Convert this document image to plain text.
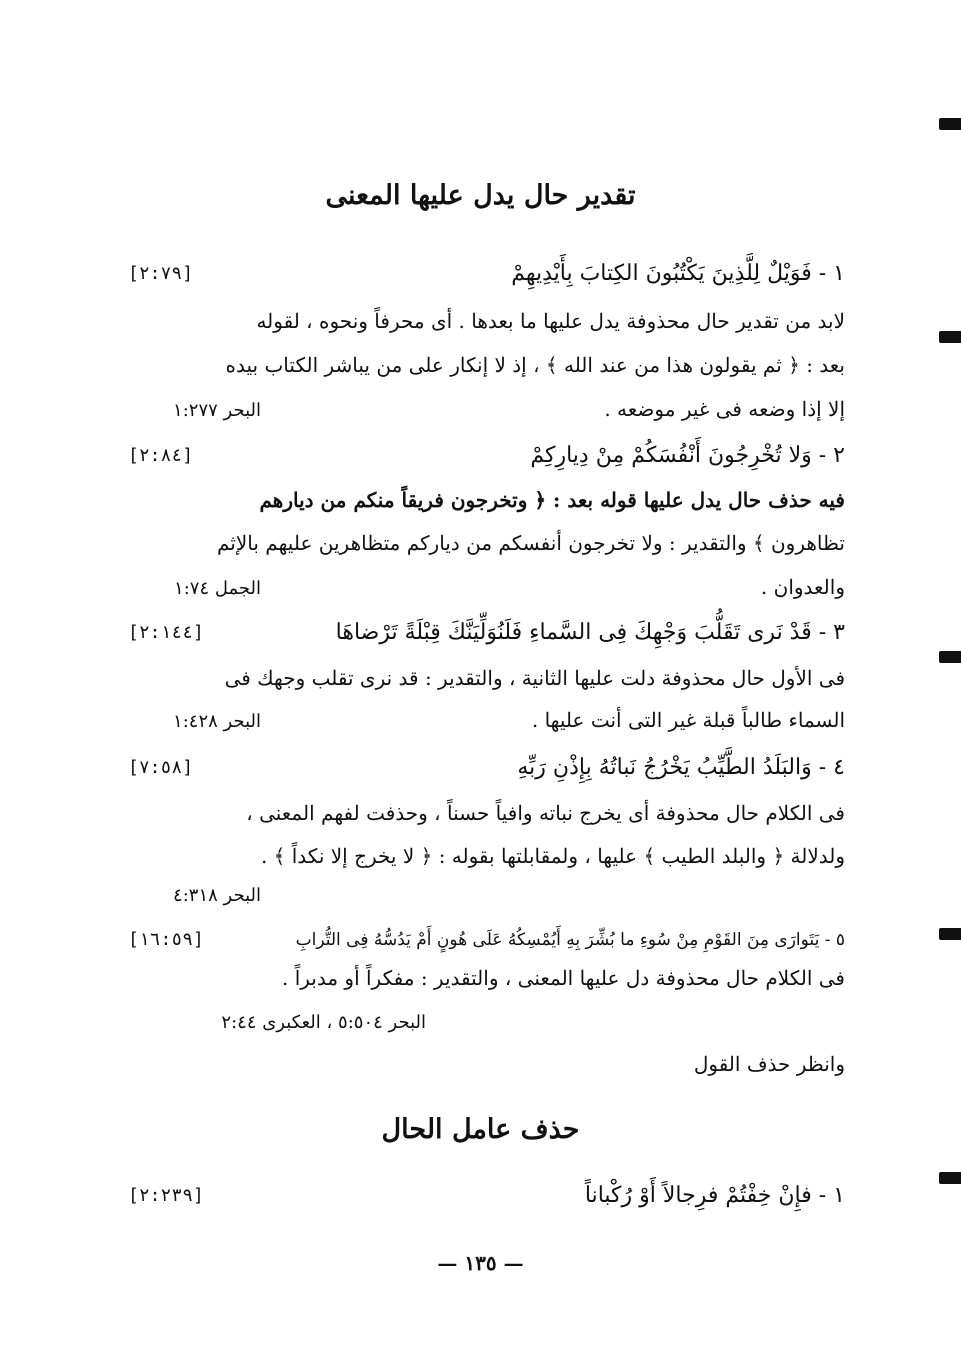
تقدير حال يدل عليها المعنى
١ - فَوَيْلٌ لِلَّذِينَ يَكْتُبُونَ الكِتابَ بِأَيْدِيهِمْ
[٢:٧٩]
لابد من تقدير حال محذوفة يدل عليها ما بعدها . أى محرفاً ونحوه ، لقوله
بعد : ﴿ ثم يقولون هذا من عند الله ﴾ ، إذ لا إنكار على من يباشر الكتاب بيده
إلا إذا وضعه فى غير موضعه .
البحر ١:٢٧٧
٢ - وَلا تُخْرِجُونَ أَنْفُسَكُمْ مِنْ دِيارِكِمْ
[٢:٨٤]
فيه حذف حال يدل عليها قوله بعد : ﴿ وتخرجون فريقاً منكم من ديارهم
تظاهرون ﴾ والتقدير : ولا تخرجون أنفسكم من دياركم متظاهرين عليهم بالإثم
والعدوان .
الجمل ١:٧٤
٣ - قَدْ نَرى تَقَلُّبَ وَجْهِكَ فِى السَّماءِ فَلَنُوَلِّيَنَّكَ قِبْلَةً تَرْضاهَا
[٢:١٤٤]
فى الأول حال محذوفة دلت عليها الثانية ، والتقدير : قد نرى تقلب وجهك فى
السماء طالباً قبلة غير التى أنت عليها .
البحر ١:٤٢٨
٤ - وَالبَلَدُ الطَّيِّبُ يَخْرُجُ نَباتُهُ بِإِذْنِ رَبِّهِ
[٧:٥٨]
فى الكلام حال محذوفة أى يخرج نباته وافياً حسناً ، وحذفت لفهم المعنى ،
ولدلالة ﴿ والبلد الطيب ﴾ عليها ، ولمقابلتها بقوله : ﴿ لا يخرج إلا نكداً ﴾ .
البحر ٤:٣١٨
٥ - يَتَوارَى مِنَ القَوْمِ مِنْ سُوءِ ما بُشِّرَ بِهِ أَيُمْسِكُهُ عَلَى هُونٍ أَمْ يَدُسُّهُ فِى التُّرابِ
[١٦:٥٩]
فى الكلام حال محذوفة دل عليها المعنى ، والتقدير : مفكراً أو مدبراً .
البحر ٥:٥٠٤ ، العكبرى ٢:٤٤
وانظر حذف القول
حذف عامل الحال
١ - فإِنْ خِفْتُمْ فرِجالاً أَوْ رُكْباناً
[٢:٢٣٩]
— ١٣٥ —
